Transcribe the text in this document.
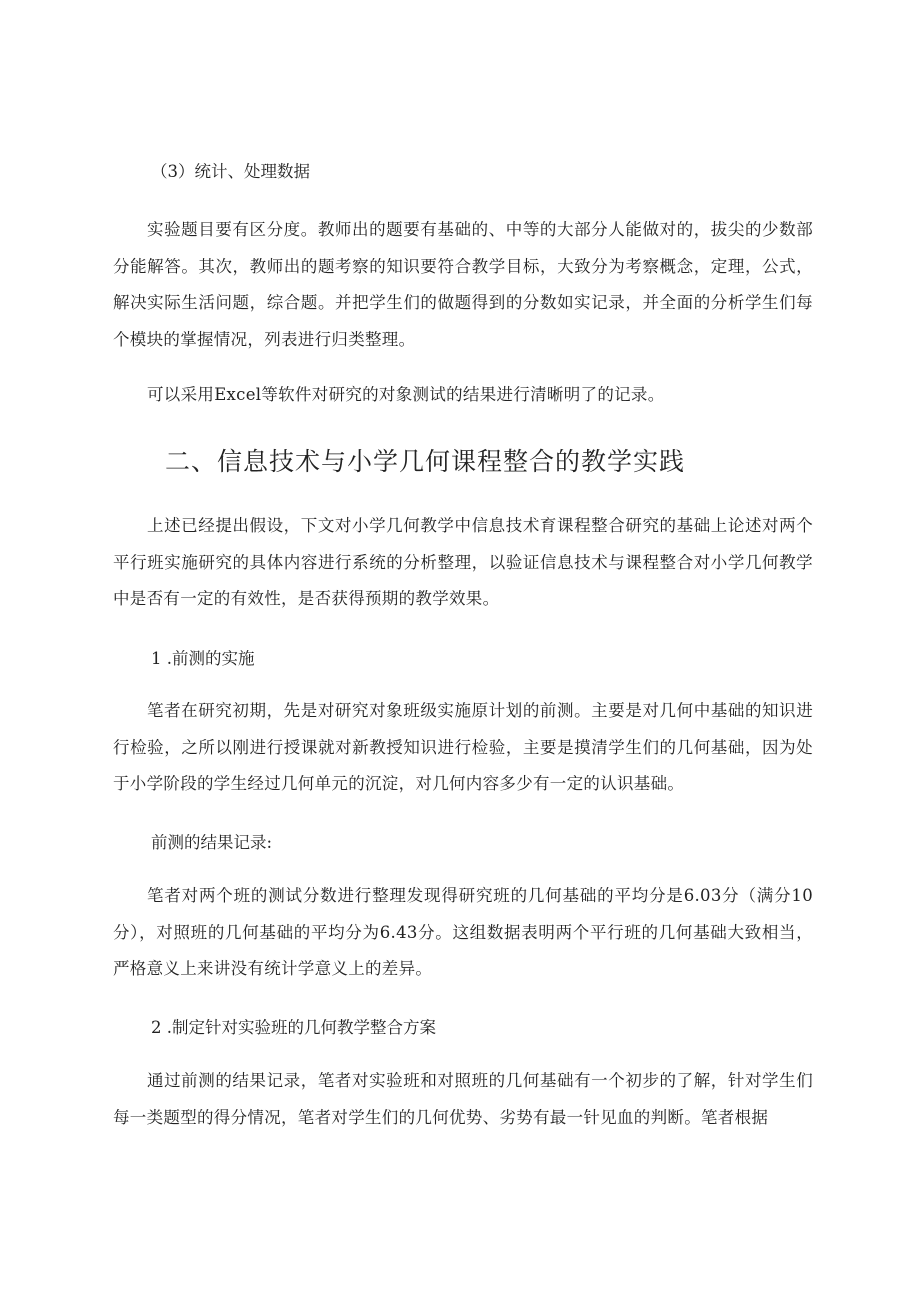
（3）统计、处理数据

实验题目要有区分度。教师出的题要有基础的、中等的大部分人能做对的，拔尖的少数部分能解答。其次，教师出的题考察的知识要符合教学目标，大致分为考察概念，定理，公式，解决实际生活问题，综合题。并把学生们的做题得到的分数如实记录，并全面的分析学生们每个模块的掌握情况，列表进行归类整理。

可以采用Excel等软件对研究的对象测试的结果进行清晰明了的记录。

二、信息技术与小学几何课程整合的教学实践

上述已经提出假设，下文对小学几何教学中信息技术育课程整合研究的基础上论述对两个平行班实施研究的具体内容进行系统的分析整理，以验证信息技术与课程整合对小学几何教学中是否有一定的有效性，是否获得预期的教学效果。

1 .前测的实施

笔者在研究初期，先是对研究对象班级实施原计划的前测。主要是对几何中基础的知识进行检验，之所以刚进行授课就对新教授知识进行检验，主要是摸清学生们的几何基础，因为处于小学阶段的学生经过几何单元的沉淀，对几何内容多少有一定的认识基础。

前测的结果记录:

笔者对两个班的测试分数进行整理发现得研究班的几何基础的平均分是6.03分（满分10分），对照班的几何基础的平均分为6.43分。这组数据表明两个平行班的几何基础大致相当，严格意义上来讲没有统计学意义上的差异。

2 .制定针对实验班的几何教学整合方案

通过前测的结果记录，笔者对实验班和对照班的几何基础有一个初步的了解，针对学生们每一类题型的得分情况，笔者对学生们的几何优势、劣势有最一针见血的判断。笔者根据
